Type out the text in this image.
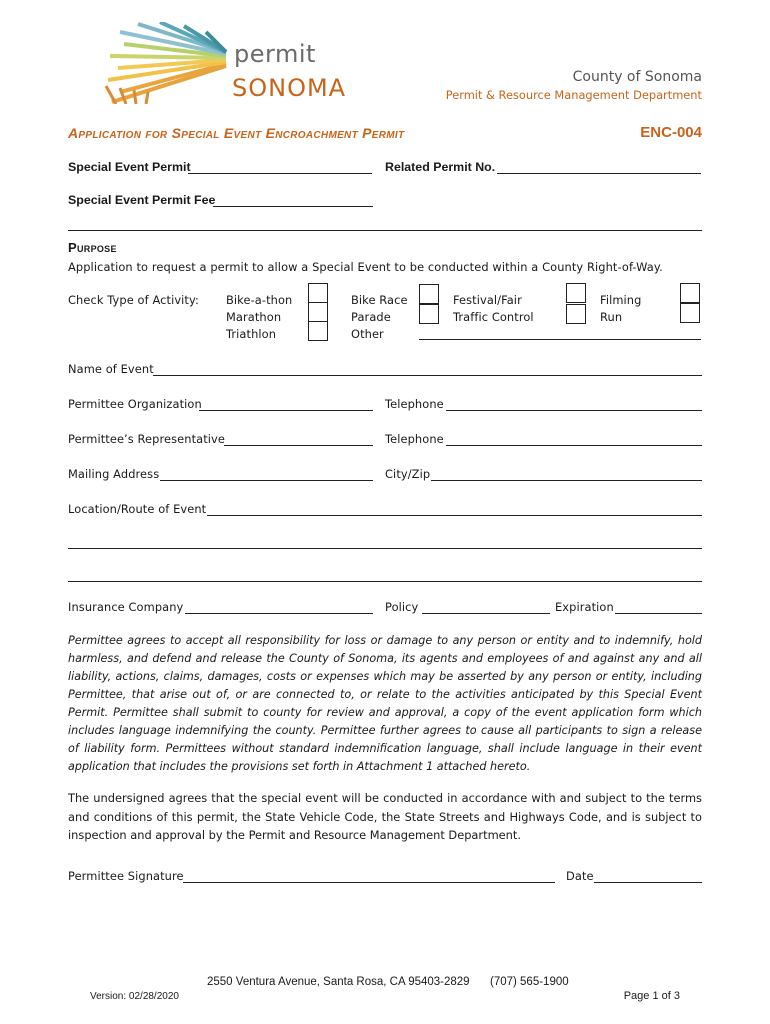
permit
SONOMA	County of Sonoma
Permit & Resource Management Department
Application for Special Event Encroachment Permit	ENC-004
Special Event Permit	Related Permit No.
Special Event Permit Fee
Purpose
Application to request a permit to allow a Special Event to be conducted within a County Right-of-Way.
Check Type of Activity: Bike-a-thon
Marathon
Triathlon
Bike Race
Parade
Other
Festival/Fair
Traffic Control
Filming
Run
Name of Event
Permittee Organization	Telephone
Permittee’s Representative	Telephone
Mailing Address	City/Zip
Location/Route of Event
Insurance Company	Policy	Expiration
Permittee agrees to accept all responsibility for loss or damage to any person or entity and to indemnify, hold harmless, and defend and release the County of Sonoma, its agents and employees of and against any and all liability, actions, claims, damages, costs or expenses which may be asserted by any person or entity, including Permittee, that arise out of, or are connected to, or relate to the activities anticipated by this Special Event Permit. Permittee shall submit to county for review and approval, a copy of the event application form which includes language indemnifying the county. Permittee further agrees to cause all participants to sign a release of liability form. Permittees without standard indemnification language, shall include language in their event application that includes the provisions set forth in Attachment 1 attached hereto.
The undersigned agrees that the special event will be conducted in accordance with and subject to the terms and conditions of this permit, the State Vehicle Code, the State Streets and Highways Code, and is subject to inspection and approval by the Permit and Resource Management Department.
Permittee Signature	Date
2550 Ventura Avenue, Santa Rosa, CA 95403-2829 (707) 565-1900
Version: 02/28/2020	Page 1 of 3
